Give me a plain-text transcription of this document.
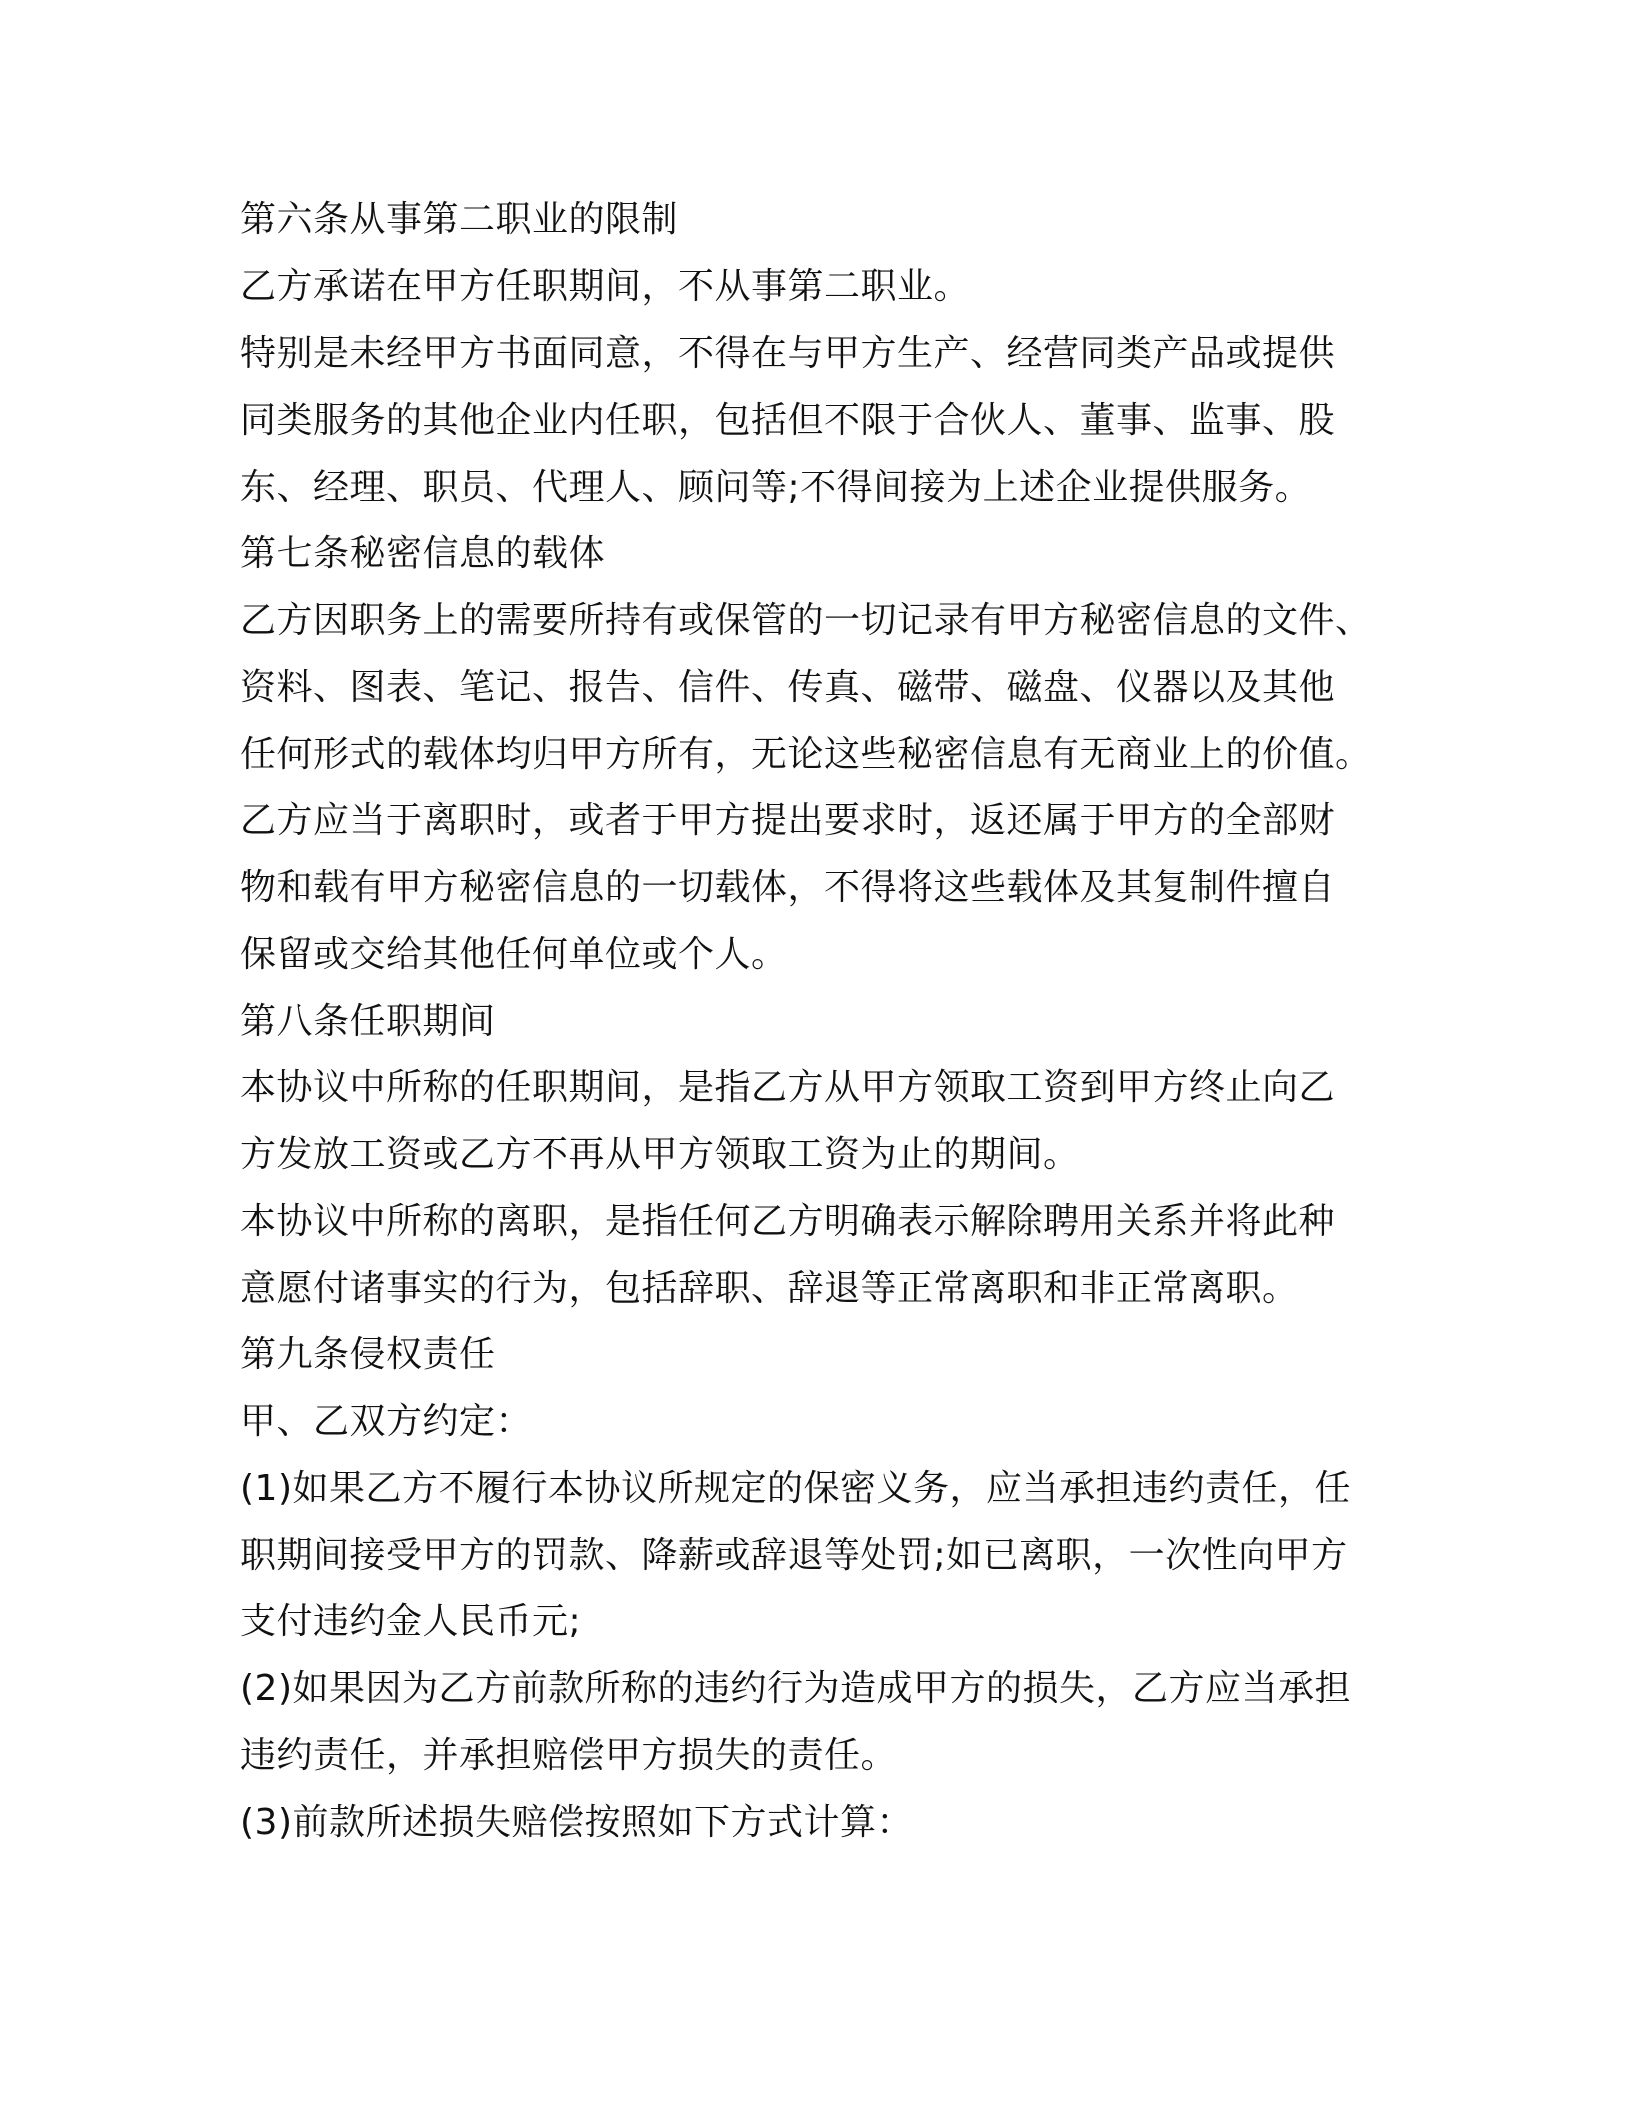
第六条从事第二职业的限制
乙方承诺在甲方任职期间，不从事第二职业。
特别是未经甲方书面同意，不得在与甲方生产、经营同类产品或提供
同类服务的其他企业内任职，包括但不限于合伙人、董事、监事、股
东、经理、职员、代理人、顾问等;不得间接为上述企业提供服务。
第七条秘密信息的载体
乙方因职务上的需要所持有或保管的一切记录有甲方秘密信息的文件、
资料、图表、笔记、报告、信件、传真、磁带、磁盘、仪器以及其他
任何形式的载体均归甲方所有，无论这些秘密信息有无商业上的价值。
乙方应当于离职时，或者于甲方提出要求时，返还属于甲方的全部财
物和载有甲方秘密信息的一切载体，不得将这些载体及其复制件擅自
保留或交给其他任何单位或个人。
第八条任职期间
本协议中所称的任职期间，是指乙方从甲方领取工资到甲方终止向乙
方发放工资或乙方不再从甲方领取工资为止的期间。
本协议中所称的离职，是指任何乙方明确表示解除聘用关系并将此种
意愿付诸事实的行为，包括辞职、辞退等正常离职和非正常离职。
第九条侵权责任
甲、乙双方约定：
(1)如果乙方不履行本协议所规定的保密义务，应当承担违约责任，任
职期间接受甲方的罚款、降薪或辞退等处罚;如已离职，一次性向甲方
支付违约金人民币元;
(2)如果因为乙方前款所称的违约行为造成甲方的损失，乙方应当承担
违约责任，并承担赔偿甲方损失的责任。
(3)前款所述损失赔偿按照如下方式计算：
